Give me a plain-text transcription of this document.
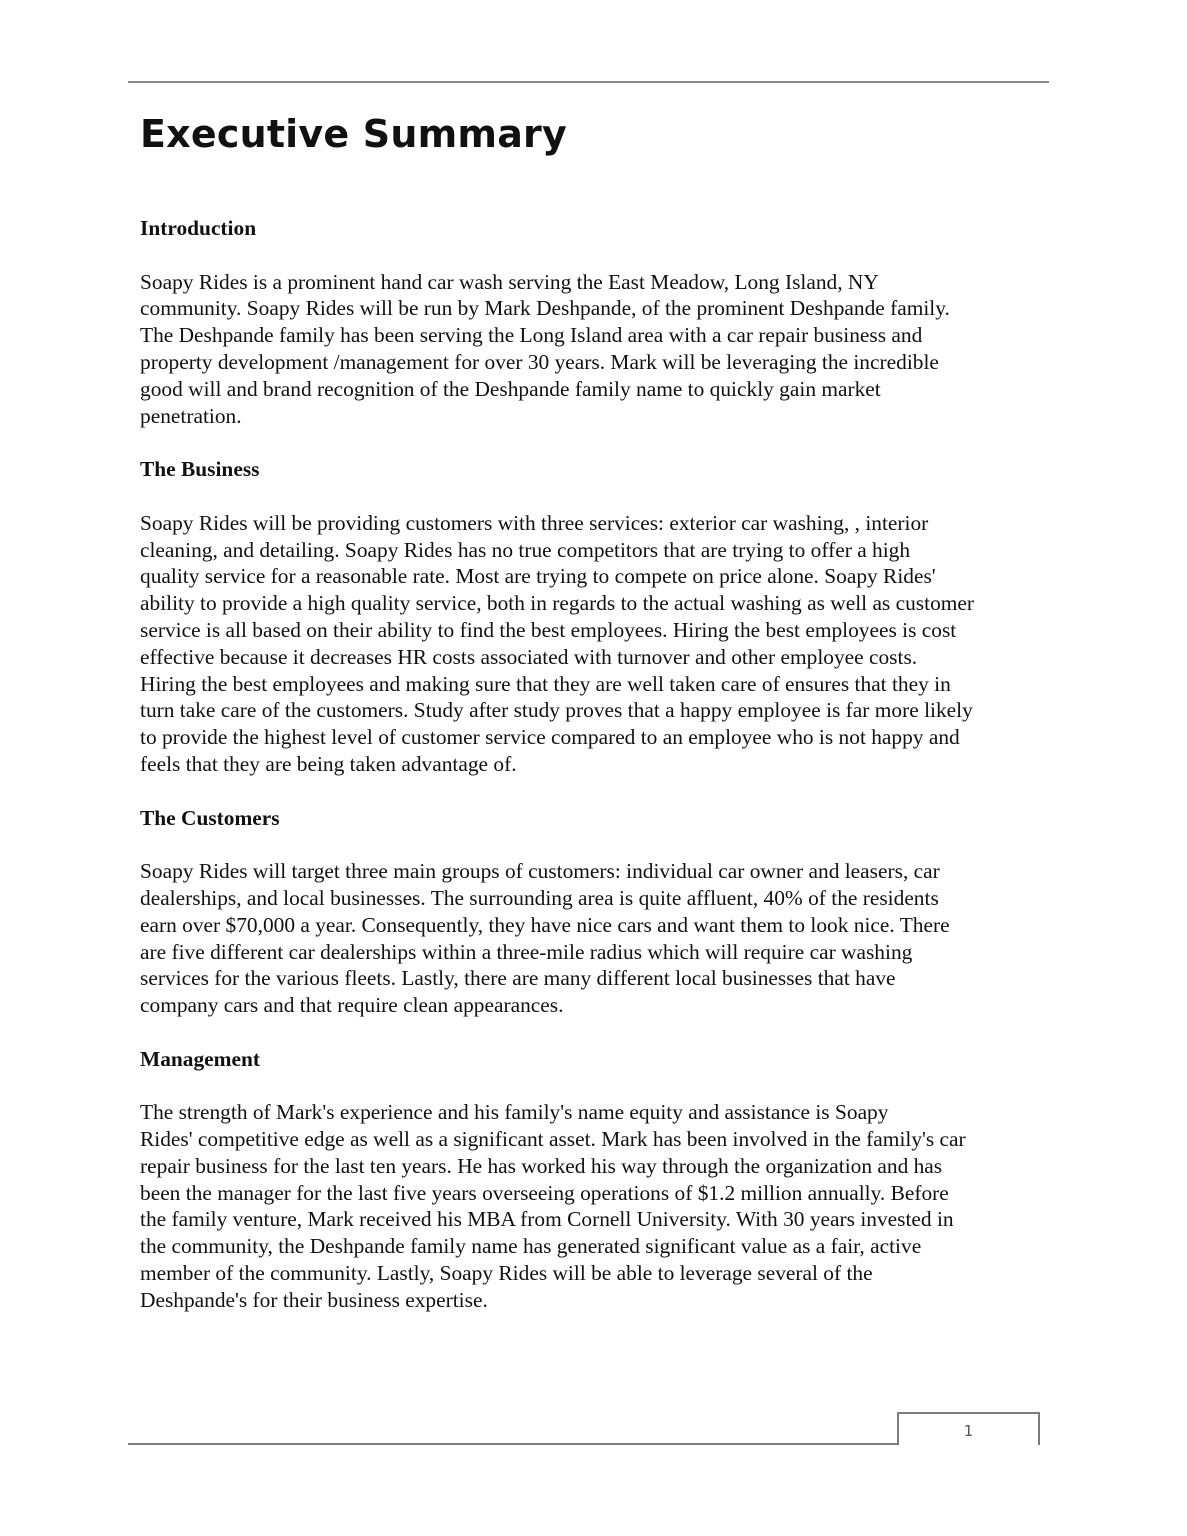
Executive Summary
Introduction
Soapy Rides is a prominent hand car wash serving the East Meadow, Long Island, NY
community. Soapy Rides will be run by Mark Deshpande, of the prominent Deshpande family.
The Deshpande family has been serving the Long Island area with a car repair business and
property development /management for over 30 years. Mark will be leveraging the incredible
good will and brand recognition of the Deshpande family name to quickly gain market
penetration.
The Business
Soapy Rides will be providing customers with three services: exterior car washing, , interior
cleaning, and detailing. Soapy Rides has no true competitors that are trying to offer a high
quality service for a reasonable rate. Most are trying to compete on price alone. Soapy Rides'
ability to provide a high quality service, both in regards to the actual washing as well as customer
service is all based on their ability to find the best employees. Hiring the best employees is cost
effective because it decreases HR costs associated with turnover and other employee costs.
Hiring the best employees and making sure that they are well taken care of ensures that they in
turn take care of the customers. Study after study proves that a happy employee is far more likely
to provide the highest level of customer service compared to an employee who is not happy and
feels that they are being taken advantage of.
The Customers
Soapy Rides will target three main groups of customers: individual car owner and leasers, car
dealerships, and local businesses. The surrounding area is quite affluent, 40% of the residents
earn over $70,000 a year. Consequently, they have nice cars and want them to look nice. There
are five different car dealerships within a three-mile radius which will require car washing
services for the various fleets. Lastly, there are many different local businesses that have
company cars and that require clean appearances.
Management
The strength of Mark's experience and his family's name equity and assistance is Soapy
Rides' competitive edge as well as a significant asset. Mark has been involved in the family's car
repair business for the last ten years. He has worked his way through the organization and has
been the manager for the last five years overseeing operations of $1.2 million annually. Before
the family venture, Mark received his MBA from Cornell University. With 30 years invested in
the community, the Deshpande family name has generated significant value as a fair, active
member of the community. Lastly, Soapy Rides will be able to leverage several of the
Deshpande's for their business expertise.
1
